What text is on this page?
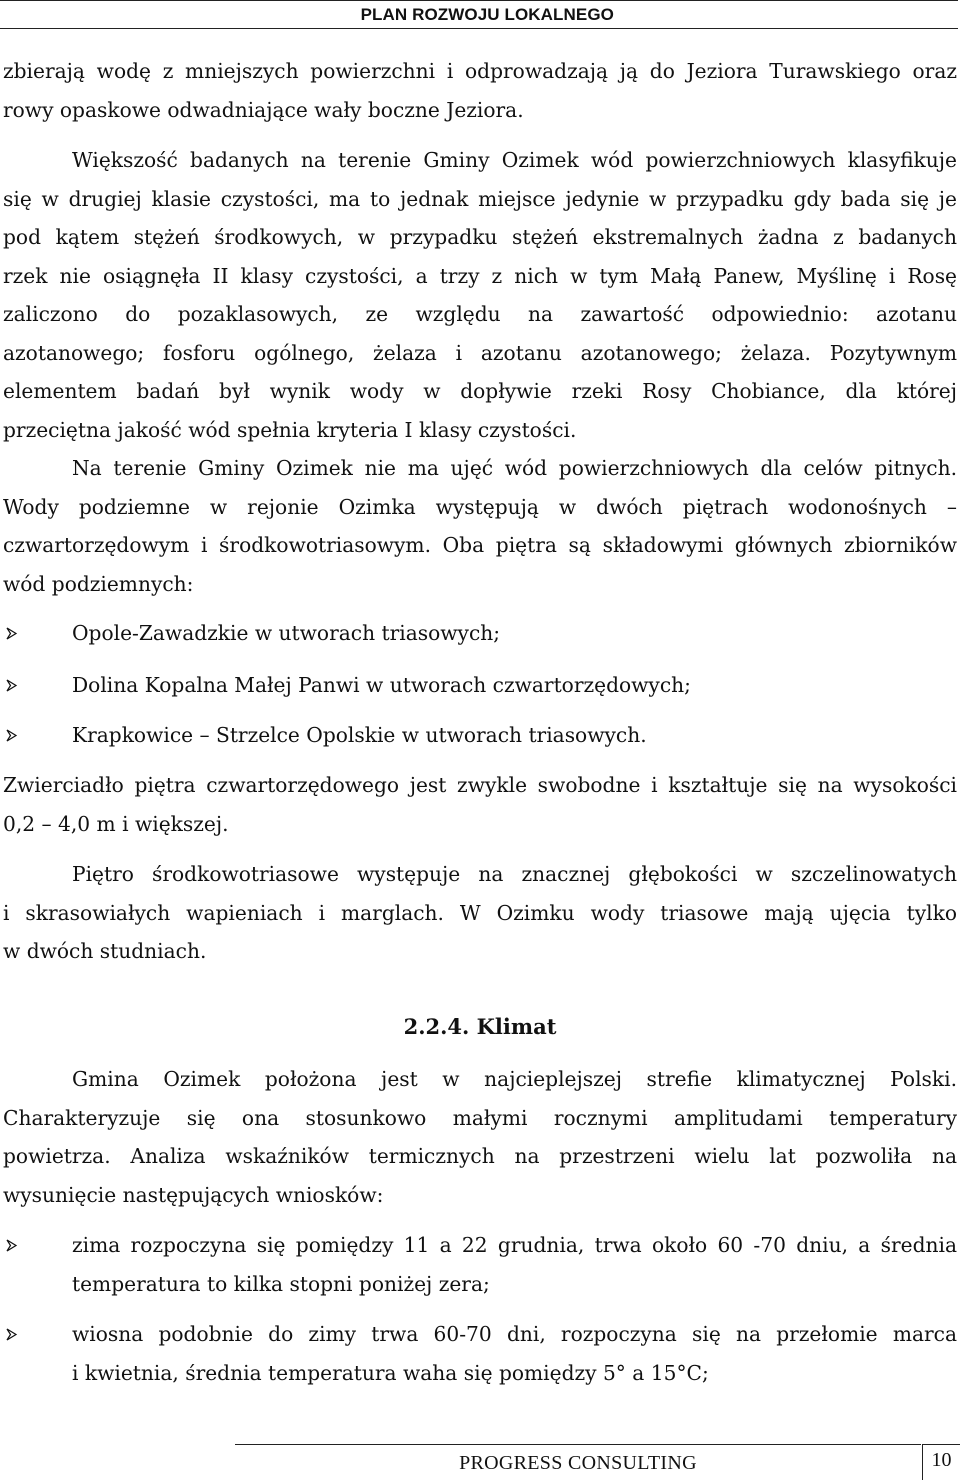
PLAN ROZWOJU LOKALNEGO
zbierają wodę z mniejszych powierzchni i odprowadzają ją do Jeziora Turawskiego oraz
rowy opaskowe odwadniające wały boczne Jeziora.
Większość badanych na terenie Gminy Ozimek wód powierzchniowych klasyfikuje
się w drugiej klasie czystości, ma to jednak miejsce jedynie w przypadku gdy bada się je
pod kątem stężeń środkowych, w przypadku stężeń ekstremalnych żadna z badanych
rzek nie osiągnęła II klasy czystości, a trzy z nich w tym Małą Panew, Myślinę i Rosę
zaliczono do pozaklasowych, ze względu na zawartość odpowiednio: azotanu
azotanowego; fosforu ogólnego, żelaza i azotanu azotanowego; żelaza. Pozytywnym
elementem badań był wynik wody w dopływie rzeki Rosy Chobiance, dla której
przeciętna jakość wód spełnia kryteria I klasy czystości.
Na terenie Gminy Ozimek nie ma ujęć wód powierzchniowych dla celów pitnych.
Wody podziemne w rejonie Ozimka występują w dwóch piętrach wodonośnych –
czwartorzędowym i środkowotriasowym. Oba piętra są składowymi głównych zbiorników
wód podziemnych:
Opole-Zawadzkie w utworach triasowych;
Dolina Kopalna Małej Panwi w utworach czwartorzędowych;
Krapkowice – Strzelce Opolskie w utworach triasowych.
Zwierciadło piętra czwartorzędowego jest zwykle swobodne i kształtuje się na wysokości
0,2 – 4,0 m i większej.
Piętro środkowotriasowe występuje na znacznej głębokości w szczelinowatych
i skrasowiałych wapieniach i marglach. W Ozimku wody triasowe mają ujęcia tylko
w dwóch studniach.
2.2.4. Klimat
Gmina Ozimek położona jest w najcieplejszej strefie klimatycznej Polski.
Charakteryzuje się ona stosunkowo małymi rocznymi amplitudami temperatury
powietrza. Analiza wskaźników termicznych na przestrzeni wielu lat pozwoliła na
wysunięcie następujących wniosków:
zima rozpoczyna się pomiędzy 11 a 22 grudnia, trwa około 60 -70 dniu, a średnia
temperatura to kilka stopni poniżej zera;
wiosna podobnie do zimy trwa 60-70 dni, rozpoczyna się na przełomie marca
i kwietnia, średnia temperatura waha się pomiędzy 5° a 15°C;
PROGRESS CONSULTING	10
